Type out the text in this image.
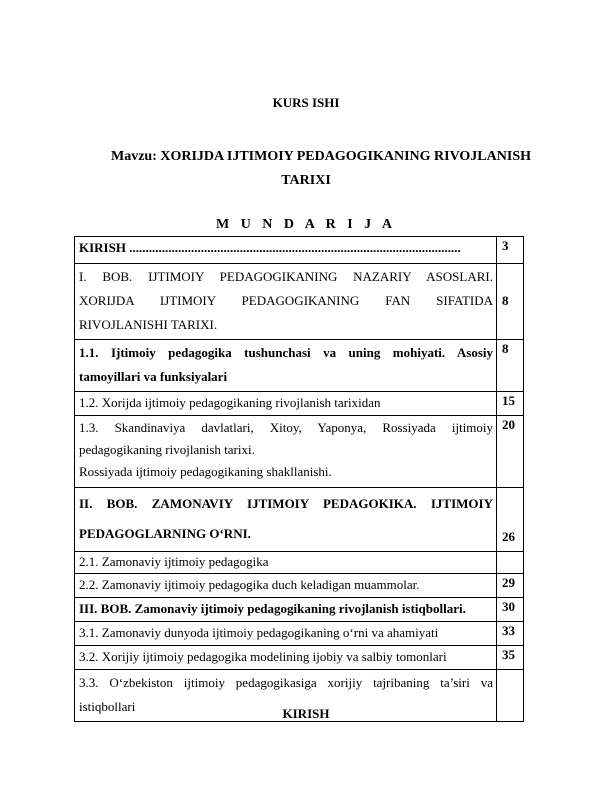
KURS ISHI
Mavzu: XORIJDA IJTIMOIY PEDAGOGIKANING RIVOJLANISH
TARIXI
M U N D A R I J A
KIRISH ......................................................................................................	3

I. BOB. IJTIMOIY PEDAGOGIKANING NAZARIY ASOSLARI.
XORIJDA IJTIMOIY PEDAGOGIKANING FAN SIFATIDA
RIVOJLANISHI TARIXI.	8

1.1. Ijtimoiy pedagogika tushunchasi va uning mohiyati. Asosiy
tamoyillari va funksiyalari	8
1.2. Xorijda ijtimoiy pedagogikaning rivojlanish tarixidan	15

1.3. Skandinaviya davlatlari, Xitoy, Yaponya, Rossiyada ijtimoiy
pedagogikaning rivojlanish tarixi.
Rossiyada ijtimoiy pedagogikaning shakllanishi.	20

II. BOB. ZAMONAVIY IJTIMOIY PEDAGOKIKA. IJTIMOIY
PEDAGOGLARNING O‘RNI.	26
2.1. Zamonaviy ijtimoiy pedagogika	
2.2. Zamonaviy ijtimoiy pedagogika duch keladigan muammolar.	29
III. BOB. Zamonaviy ijtimoiy pedagogikaning rivojlanish istiqbollari.	30
3.1. Zamonaviy dunyoda ijtimoiy pedagogikaning o‘rni va ahamiyati	33
3.2. Xorijiy ijtimoiy pedagogika modelining ijobiy va salbiy tomonlari	35

3.3. O‘zbekiston ijtimoiy pedagogikasiga xorijiy tajribaning ta’siri va
istiqbollari	
		KIRISH
